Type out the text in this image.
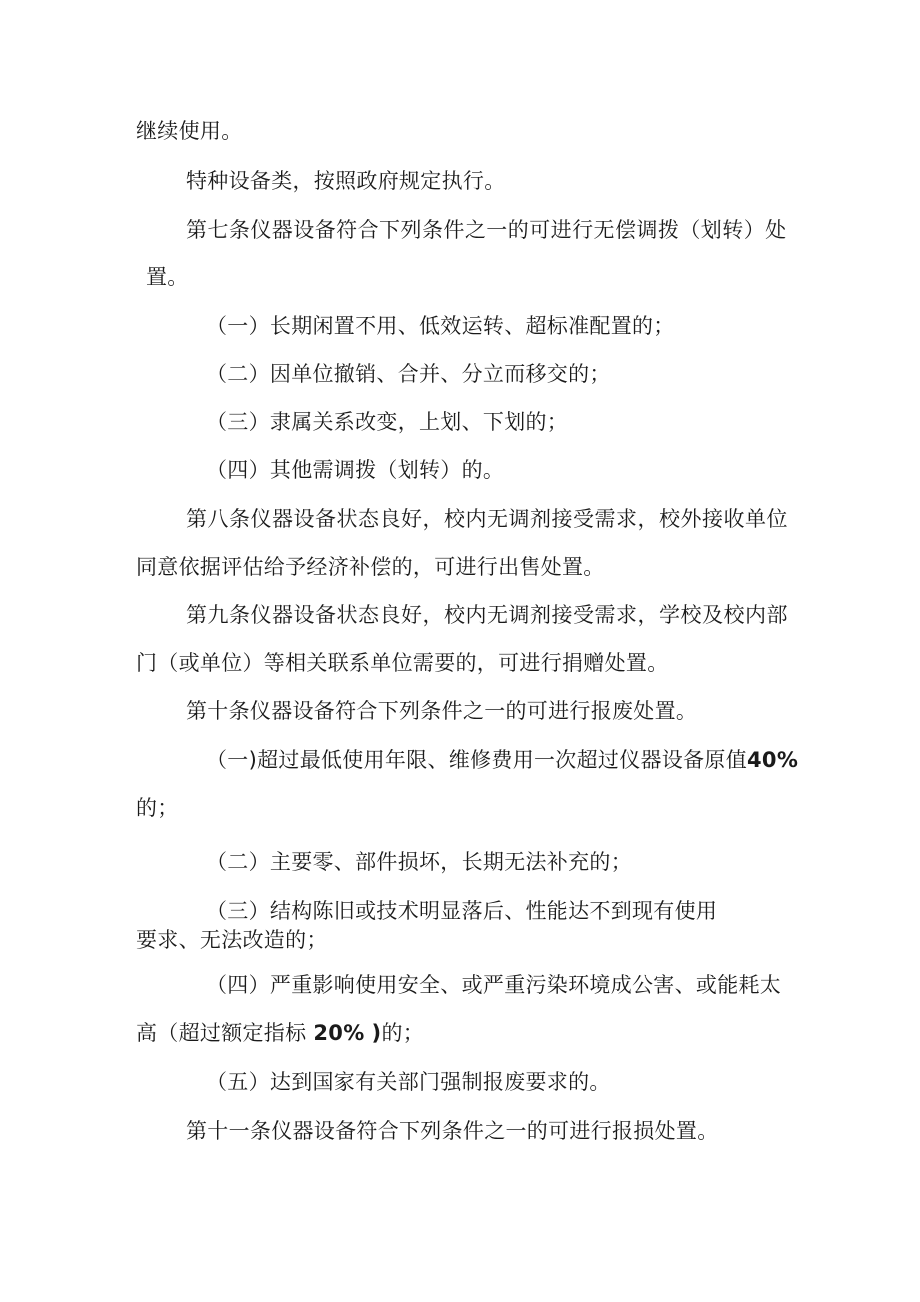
继续使用。
特种设备类，按照政府规定执行。
第七条仪器设备符合下列条件之一的可进行无偿调拨（划转）处
置。
（一）长期闲置不用、低效运转、超标准配置的；
（二）因单位撤销、合并、分立而移交的；
（三）隶属关系改变，上划、下划的；
（四）其他需调拨（划转）的。
第八条仪器设备状态良好，校内无调剂接受需求，校外接收单位
同意依据评估给予经济补偿的，可进行出售处置。
第九条仪器设备状态良好，校内无调剂接受需求，学校及校内部
门（或单位）等相关联系单位需要的，可进行捐赠处置。
第十条仪器设备符合下列条件之一的可进行报废处置。
（一)超过最低使用年限、维修费用一次超过仪器设备原值40%
的；
（二）主要零、部件损坏，长期无法补充的；
（三）结构陈旧或技术明显落后、性能达不到现有使用
要求、无法改造的；
（四）严重影响使用安全、或严重污染环境成公害、或能耗太
高（超过额定指标 20% )的；
（五）达到国家有关部门强制报废要求的。
第十一条仪器设备符合下列条件之一的可进行报损处置。
